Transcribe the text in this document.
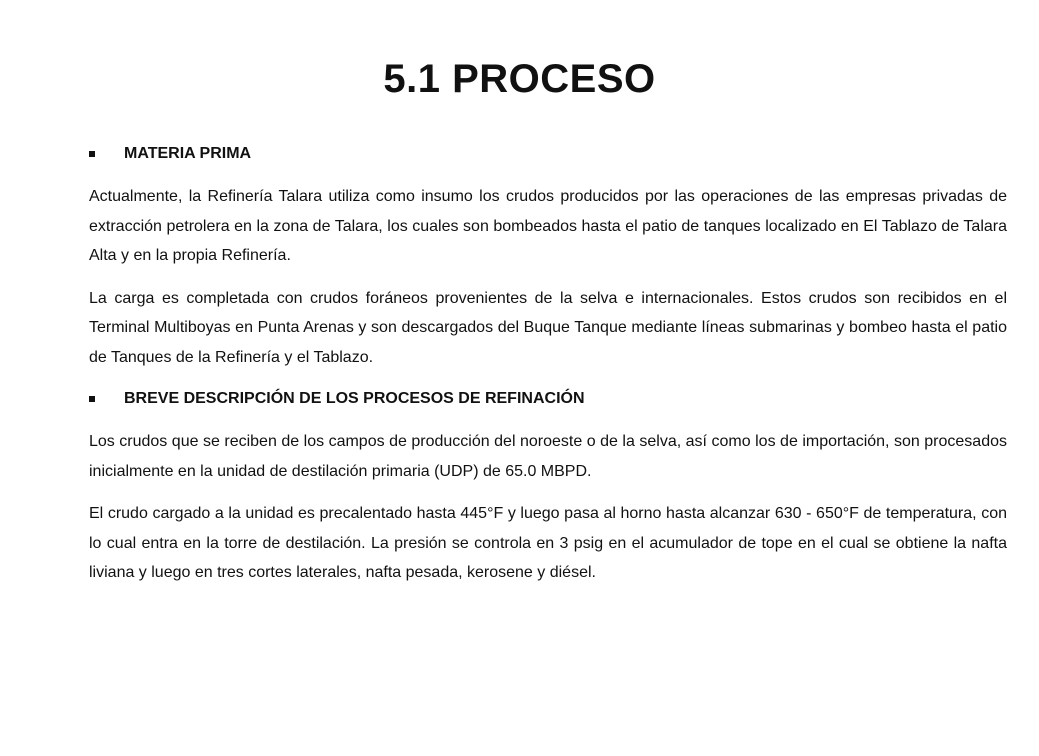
5.1 PROCESO
MATERIA PRIMA

Actualmente, la Refinería Talara utiliza como insumo los crudos producidos por las operaciones de las empresas privadas de extracción petrolera en la zona de Talara, los cuales son bombeados hasta el patio de tanques localizado en El Tablazo de Talara Alta y en la propia Refinería.

La carga es completada con crudos foráneos provenientes de la selva e internacionales. Estos crudos son recibidos en el Terminal Multiboyas en Punta Arenas y son descargados del Buque Tanque mediante líneas submarinas y bombeo hasta el patio de Tanques de la Refinería y el Tablazo.

BREVE DESCRIPCIÓN DE LOS PROCESOS DE REFINACIÓN

Los crudos que se reciben de los campos de producción del noroeste o de la selva, así como los de importación, son procesados inicialmente en la unidad de destilación primaria (UDP) de 65.0 MBPD.

El crudo cargado a la unidad es precalentado hasta 445°F y luego pasa al horno hasta alcanzar 630 - 650°F de temperatura, con lo cual entra en la torre de destilación. La presión se controla en 3 psig en el acumulador de tope en el cual se obtiene la nafta liviana y luego en tres cortes laterales, nafta pesada, kerosene y diésel.
